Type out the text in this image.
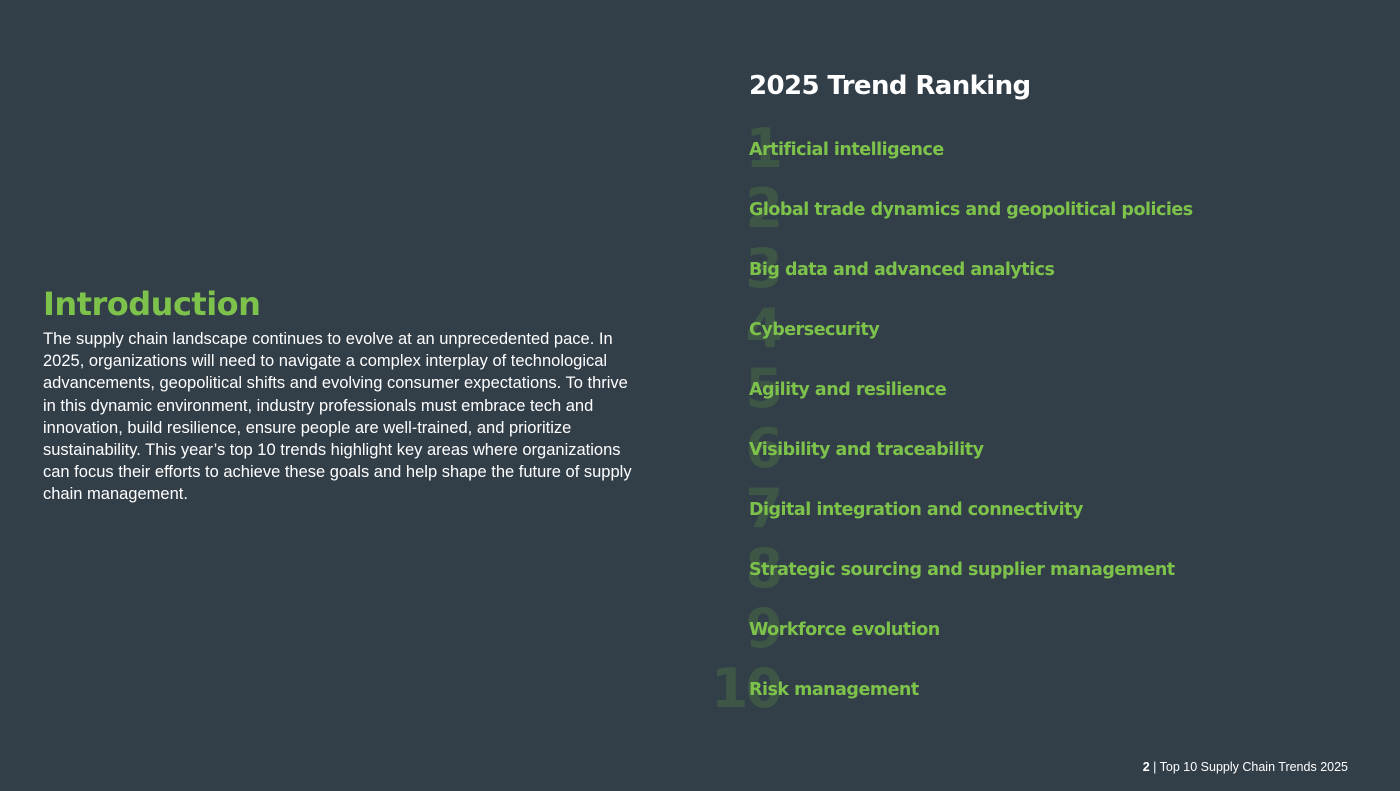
Introduction

The supply chain landscape continues to evolve at an unprecedented pace. In 2025, organizations will need to navigate a complex interplay of technological advancements, geopolitical shifts and evolving consumer expectations. To thrive in this dynamic environment, industry professionals must embrace tech and innovation, build resilience, ensure people are well-trained, and prioritize sustainability. This year’s top 10 trends highlight key areas where organizations can focus their efforts to achieve these goals and help shape the future of supply chain management.

2025 Trend Ranking
1
Artificial intelligence
2
Global trade dynamics and geopolitical policies
3
Big data and advanced analytics
4
Cybersecurity
5
Agility and resilience
6
Visibility and traceability
7
Digital integration and connectivity
8
Strategic sourcing and supplier management
9
Workforce evolution
10
Risk management
2 | Top 10 Supply Chain Trends 2025
